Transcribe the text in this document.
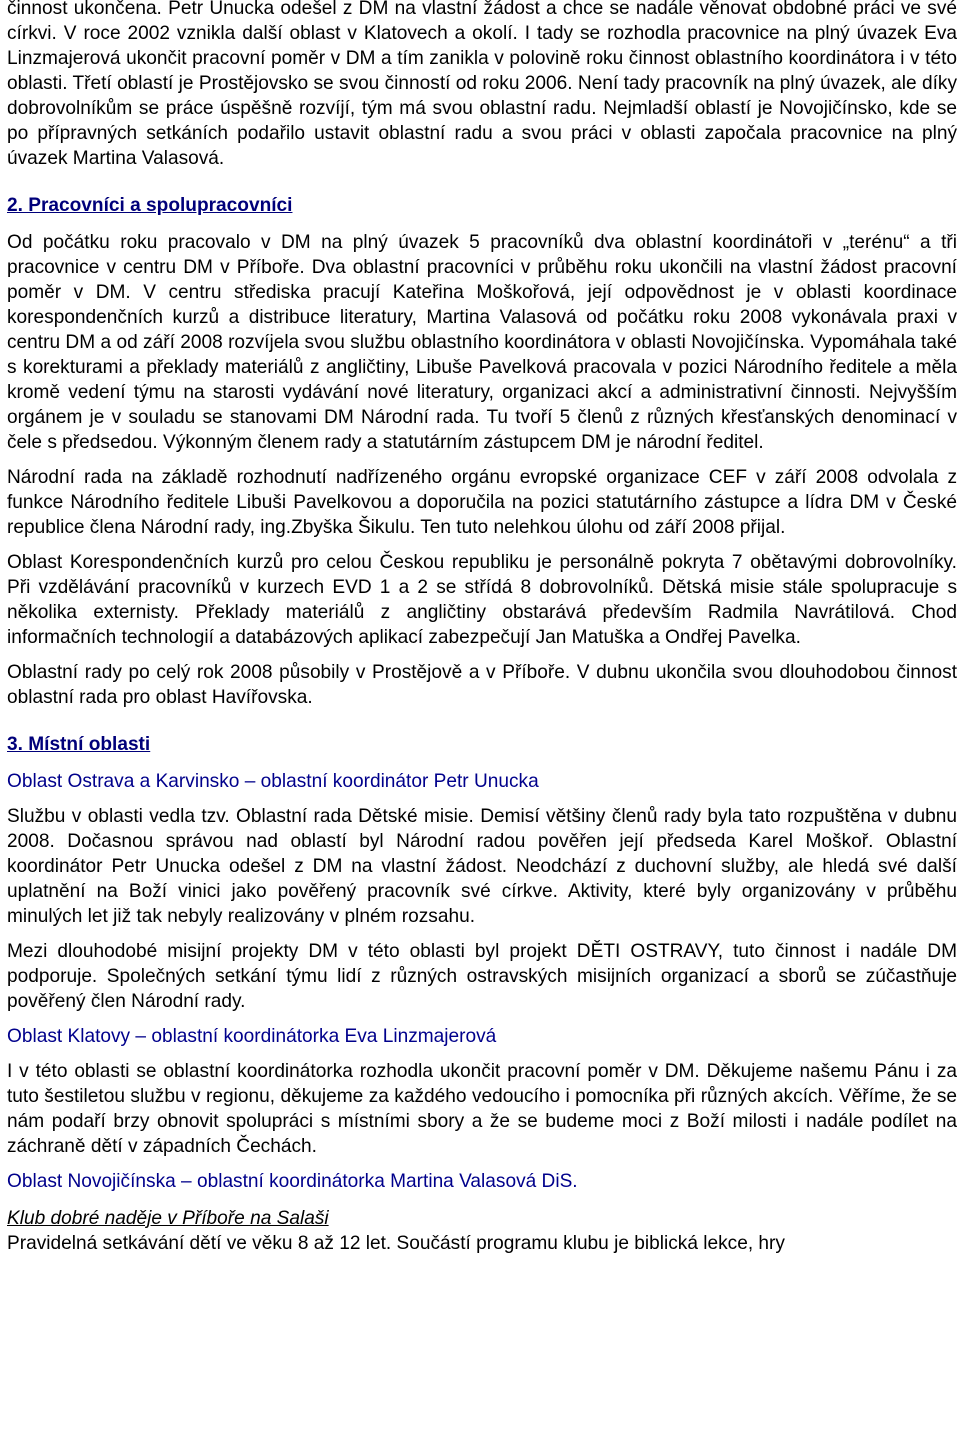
činnost ukončena. Petr Unucka odešel z DM na vlastní žádost a chce se nadále věnovat obdobné práci ve své církvi. V roce 2002 vznikla další oblast v Klatovech a okolí. I tady se rozhodla pracovnice na plný úvazek Eva Linzmajerová ukončit pracovní poměr v DM a tím zanikla v polovině roku činnost oblastního koordinátora i v této oblasti. Třetí oblastí je Prostějovsko se svou činností od roku 2006. Není tady pracovník na plný úvazek, ale díky dobrovolníkům se práce úspěšně rozvíjí, tým má svou oblastní radu. Nejmladší oblastí je Novojičínsko, kde se po přípravných setkáních podařilo ustavit oblastní radu a svou práci v oblasti započala pracovnice na plný úvazek Martina Valasová.

2. Pracovníci a spolupracovníci

Od počátku roku pracovalo v DM na plný úvazek 5 pracovníků dva oblastní koordinátoři v „terénu“ a tři pracovnice v centru DM v Příboře. Dva oblastní pracovníci v průběhu roku ukončili na vlastní žádost pracovní poměr v DM. V centru střediska pracují Kateřina Moškořová, její odpovědnost je v oblasti koordinace korespondenčních kurzů a distribuce literatury, Martina Valasová od počátku roku 2008 vykonávala praxi v centru DM a od září 2008 rozvíjela svou službu oblastního koordinátora v oblasti Novojičínska. Vypomáhala také s korekturami a překlady materiálů z angličtiny, Libuše Pavelková pracovala v pozici Národního ředitele a měla kromě vedení týmu na starosti vydávání nové literatury, organizaci akcí a administrativní činnosti. Nejvyšším orgánem je v souladu se stanovami DM Národní rada. Tu tvoří 5 členů z různých křesťanských denominací v čele s předsedou. Výkonným členem rady a statutárním zástupcem DM je národní ředitel.

Národní rada na základě rozhodnutí nadřízeného orgánu evropské organizace CEF v září 2008 odvolala z funkce Národního ředitele Libuši Pavelkovou a doporučila na pozici statutárního zástupce a lídra DM v České republice člena Národní rady, ing.Zbyška Šikulu. Ten tuto nelehkou úlohu od září 2008 přijal.

Oblast Korespondenčních kurzů pro celou Českou republiku je personálně pokryta 7 obětavými dobrovolníky. Při vzdělávání pracovníků v kurzech EVD 1 a 2 se střídá 8 dobrovolníků. Dětská misie stále spolupracuje s několika externisty. Překlady materiálů z angličtiny obstarává především Radmila Navrátilová. Chod informačních technologií a databázových aplikací zabezpečují Jan Matuška a Ondřej Pavelka.

Oblastní rady po celý rok 2008 působily v Prostějově a v Příboře. V dubnu ukončila svou dlouhodobou činnost oblastní rada pro oblast Havířovska.

3. Místní oblasti
Oblast Ostrava a Karvinsko – oblastní koordinátor Petr Unucka

Službu v oblasti vedla tzv. Oblastní rada Dětské misie. Demisí většiny členů rady byla tato rozpuštěna v dubnu 2008. Dočasnou správou nad oblastí byl Národní radou pověřen její předseda Karel Moškoř. Oblastní koordinátor Petr Unucka odešel z DM na vlastní žádost. Neodchází z duchovní služby, ale hledá své další uplatnění na Boží vinici jako pověřený pracovník své církve. Aktivity, které byly organizovány v průběhu minulých let již tak nebyly realizovány v plném rozsahu.

Mezi dlouhodobé misijní projekty DM v této oblasti byl projekt DĚTI OSTRAVY, tuto činnost i nadále DM podporuje. Společných setkání týmu lidí z různých ostravských misijních organizací a sborů se zúčastňuje pověřený člen Národní rady.

Oblast Klatovy – oblastní koordinátorka Eva Linzmajerová

I v této oblasti se oblastní koordinátorka rozhodla ukončit pracovní poměr v DM. Děkujeme našemu Pánu i za tuto šestiletou službu v regionu, děkujeme za každého vedoucího i pomocníka při různých akcích. Věříme, že se nám podaří brzy obnovit spolupráci s místními sbory a že se budeme moci z Boží milosti i nadále podílet na záchraně dětí v západních Čechách.

Oblast Novojičínska – oblastní koordinátorka Martina Valasová DiS.
Klub dobré naděje v Příboře na Salaši

Pravidelná setkávání dětí ve věku 8 až 12 let. Součástí programu klubu je biblická lekce, hry
